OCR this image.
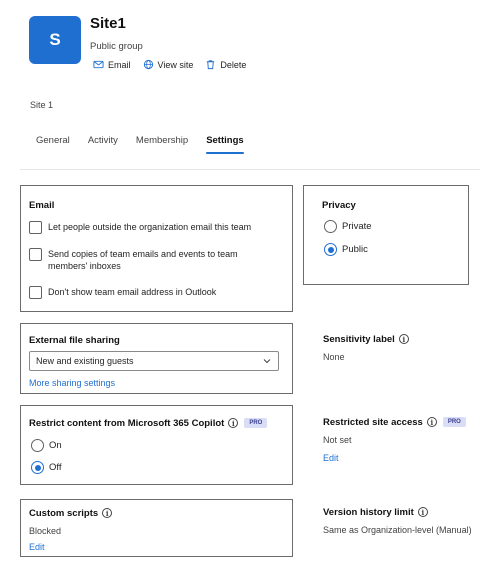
S
Site1
Public group
Email	View site	Delete
Site 1
General Activity Membership Settings
Email
Let people outside the organization email this team
Send copies of team emails and events to team
members' inboxes
Don't show team email address in Outlook
Privacy
Private
Public
External file sharing
New and existing guests
More sharing settings
Sensitivity label i
None
Restrict content from Microsoft 365 Copilot i PRO
On
Off
Restricted site access i PRO
Not set
Edit
Custom scripts i
Blocked
Edit
Version history limit i
Same as Organization-level (Manual)
